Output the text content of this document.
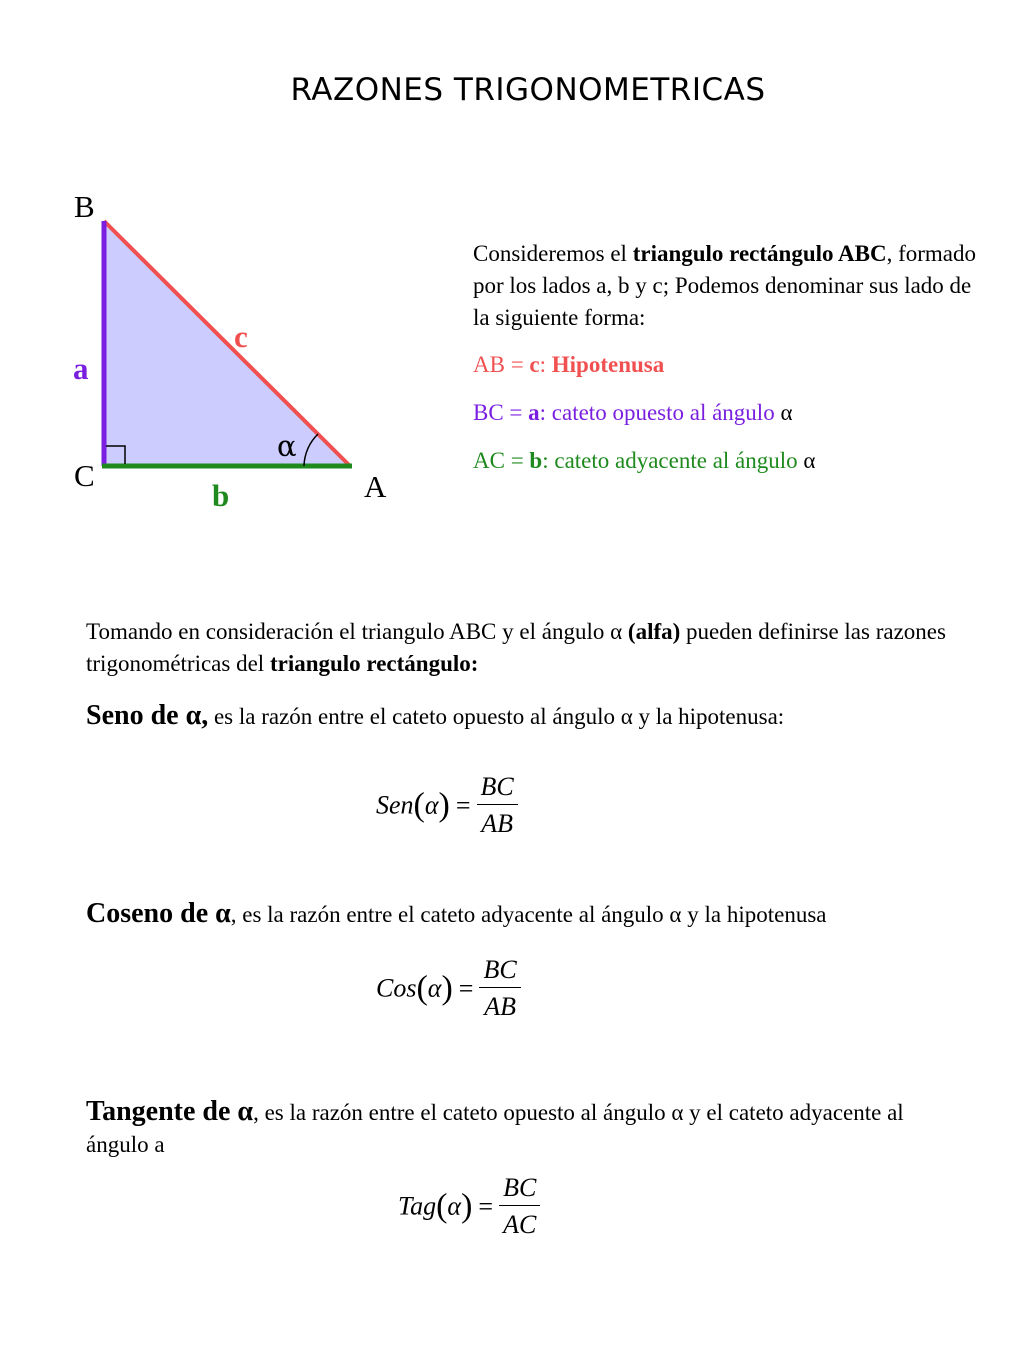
RAZONES TRIGONOMETRICAS
B
C	A
a
b
c
α
Consideremos el triangulo rectángulo ABC, formado por los lados a, b y c; Podemos denominar sus lado de la siguiente forma:
AB = c: Hipotenusa
BC = a: cateto opuesto al ángulo α
AC = b: cateto adyacente al ángulo α
Tomando en consideración el triangulo ABC y el ángulo α (alfa) pueden definirse las razones trigonométricas del triangulo rectángulo:
Seno de α, es la razón entre el cateto opuesto al ángulo α y la hipotenusa:
$Sen(\alpha) = \frac{BC}{AB}$
Coseno de α, es la razón entre el cateto adyacente al ángulo α y la hipotenusa
$Cos(\alpha) = \frac{BC}{AB}$
Tangente de α, es la razón entre el cateto opuesto al ángulo α y el cateto adyacente al ángulo a
$Tag(\alpha) = \frac{BC}{AC}$
